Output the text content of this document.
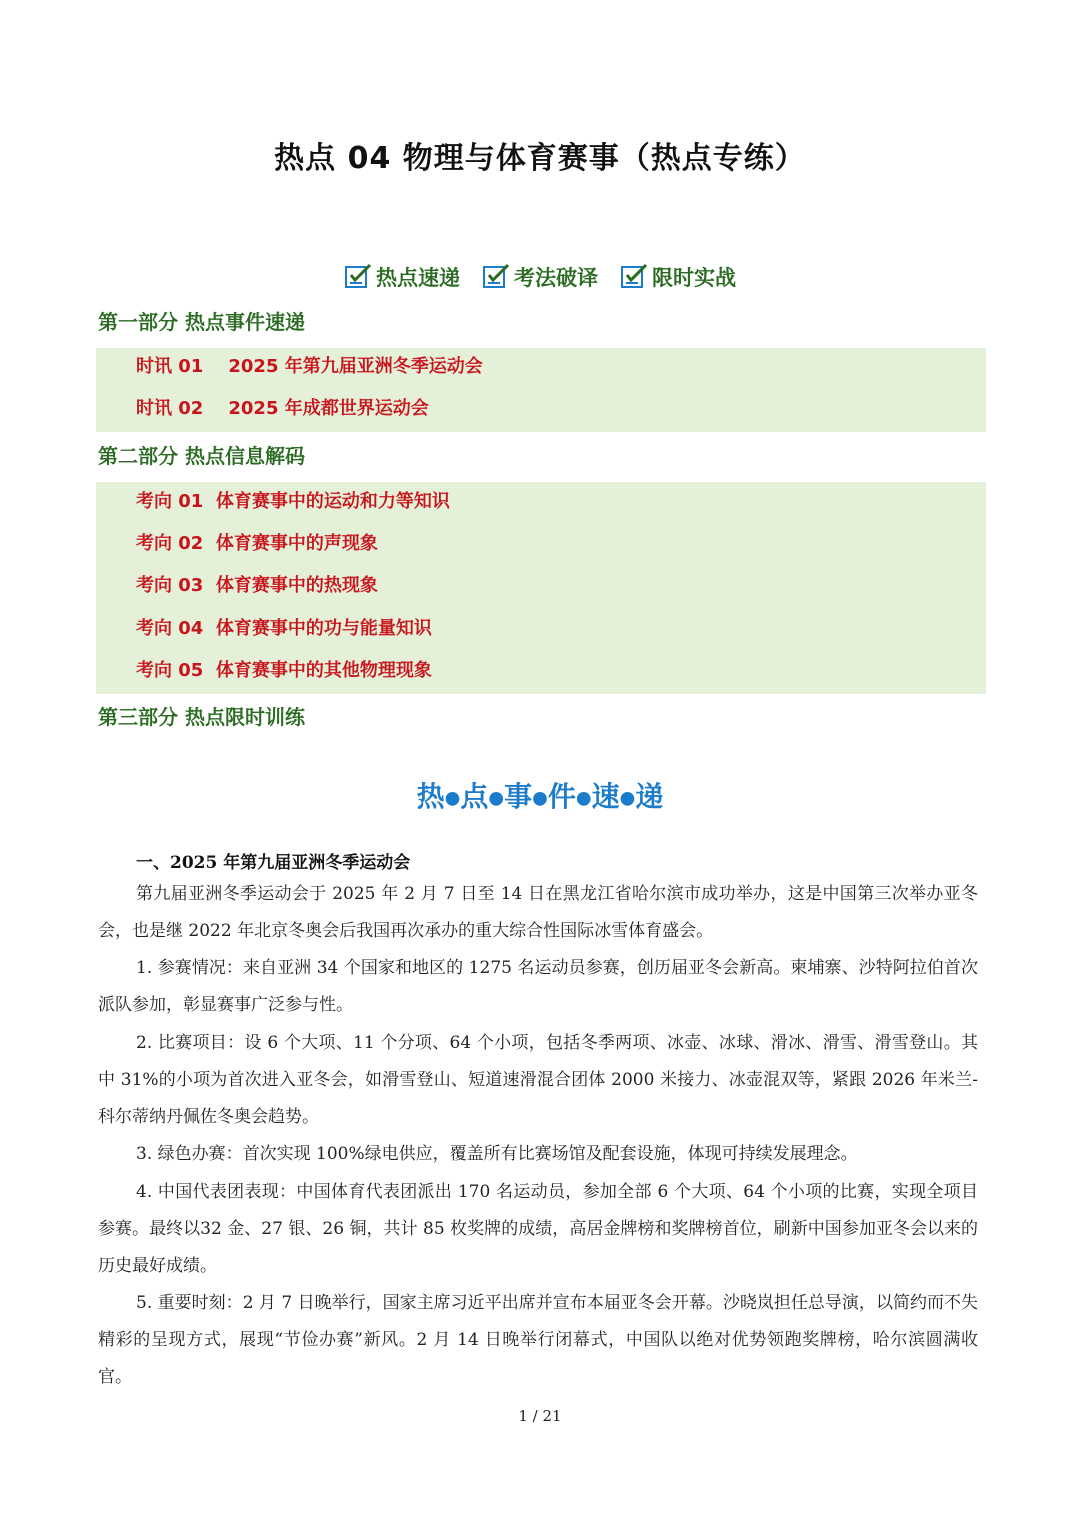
热点 04 物理与体育赛事（热点专练）
热点速递	考法破译	限时实战
第一部分 热点事件速递
时讯 01    2025 年第九届亚洲冬季运动会
时讯 02    2025 年成都世界运动会
第二部分 热点信息解码
考向 01  体育赛事中的运动和力等知识
考向 02  体育赛事中的声现象
考向 03  体育赛事中的热现象
考向 04  体育赛事中的功与能量知识
考向 05  体育赛事中的其他物理现象
第三部分 热点限时训练
热●点●事●件●速●递
一、2025 年第九届亚洲冬季运动会

第九届亚洲冬季运动会于 2025 年 2 月 7 日至 14 日在黑龙江省哈尔滨市成功举办，这是中国第三次举办亚冬会，也是继 2022 年北京冬奥会后我国再次承办的重大综合性国际冰雪体育盛会。

1. 参赛情况：来自亚洲 34 个国家和地区的 1275 名运动员参赛，创历届亚冬会新高。柬埔寨、沙特阿拉伯首次派队参加，彰显赛事广泛参与性。

2. 比赛项目：设 6 个大项、11 个分项、64 个小项，包括冬季两项、冰壶、冰球、滑冰、滑雪、滑雪登山。其中 31%的小项为首次进入亚冬会，如滑雪登山、短道速滑混合团体 2000 米接力、冰壶混双等，紧跟 2026 年米兰-科尔蒂纳丹佩佐冬奥会趋势。

3. 绿色办赛：首次实现 100%绿电供应，覆盖所有比赛场馆及配套设施，体现可持续发展理念。

4. 中国代表团表现：中国体育代表团派出 170 名运动员，参加全部 6 个大项、64 个小项的比赛，实现全项目参赛。最终以32 金、27 银、26 铜，共计 85 枚奖牌的成绩，高居金牌榜和奖牌榜首位，刷新中国参加亚冬会以来的历史最好成绩。

5. 重要时刻：2 月 7 日晚举行，国家主席习近平出席并宣布本届亚冬会开幕。沙晓岚担任总导演，以简约而不失精彩的呈现方式，展现“节俭办赛”新风。2 月 14 日晚举行闭幕式，中国队以绝对优势领跑奖牌榜，哈尔滨圆满收官。

1 / 21
